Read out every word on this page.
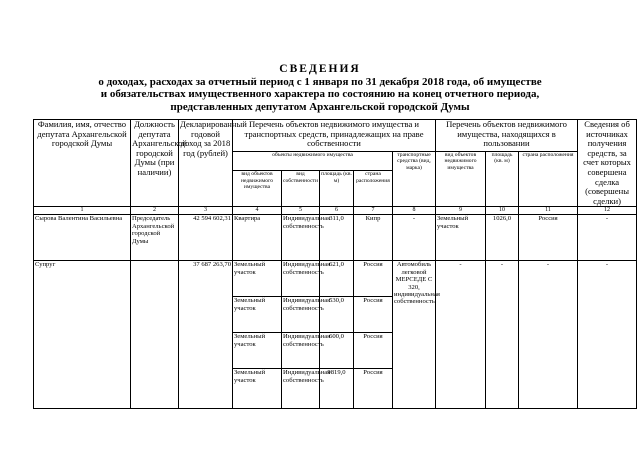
СВЕДЕНИЯ
о доходах, расходах за отчетный период с 1 января по 31 декабря 2018 года, об имуществе
и обязательствах имущественного характера по состоянию на конец отчетного периода,
представленных депутатом Архангельской городской Думы
Фамилия, имя, отчество депутата Архангельской городской Думы	Должность депутата Архангельской городской Думы (при наличии)	Декларированный годовой доход за 2018 год (рублей)	Перечень объектов недвижимого имущества и транспортных средств, принадлежащих на праве собственности					Перечень объектов недвижимого имущества, находящихся в пользовании			Сведения об источниках получения средств, за счет которых совершена сделка (совершены сделки)
			объекты недвижимого имущества				транспортные средства (вид, марка)	вид объектов недвижимого имущества	площадь (кв. м)	страна расположения	
			вид объектов недвижимого имущества	вид собственности	площадь (кв. м)	страна расположения					
1	2	3	4	5	6	7	8	9	10	11	12
Сырова Валентина Васильевна	Председатель Архангельской городской Думы	42 594 602,31	Квартира	Индивидуальная собственность	311,0	Кипр	-	Земельный участок	1026,0	Россия	-
Супруг		37 687 263,70	Земельный участок	Индивидуальная собственность	621,0	Россия	Автомобиль легковой МЕРСЕДЕ С 320, индивидуальная собственность	-	-	-	-
			Земельный участок	Индивидуальная собственность	530,0	Россия					
			Земельный участок	Индивидуальная собственность	600,0	Россия					
			Земельный участок	Индивидуальная собственность	9819,0	Россия					
